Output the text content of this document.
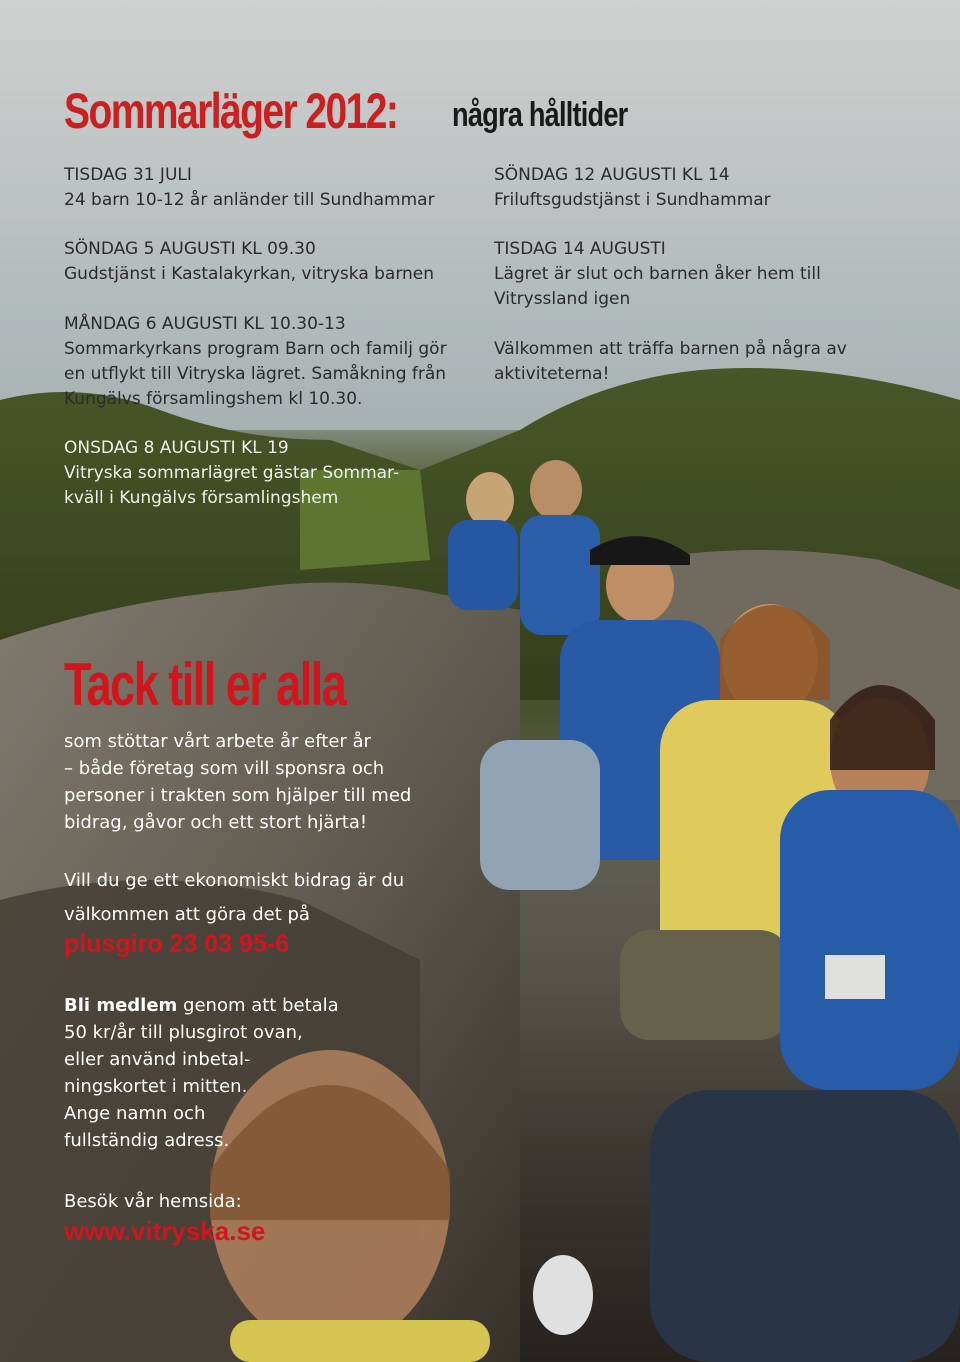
Sommarläger 2012: några hålltider
TISDAG 31 JULI
24 barn 10-12 år anländer till Sundhammar
SÖNDAG 5 AUGUSTI KL 09.30
Gudstjänst i Kastalakyrkan, vitryska barnen
MÅNDAG 6 AUGUSTI KL 10.30-13
Sommarkyrkans program Barn och familj gör
en utflykt till Vitryska lägret. Samåkning från
Kungälvs församlingshem kl 10.30.
ONSDAG 8 AUGUSTI KL 19
Vitryska sommarlägret gästar Sommar-
kväll i Kungälvs församlingshem
SÖNDAG 12 AUGUSTI KL 14
Friluftsgudstjänst i Sundhammar
TISDAG 14 AUGUSTI
Lägret är slut och barnen åker hem till
Vitryssland igen
Välkommen att träffa barnen på några av
aktiviteterna!
Tack till er alla
som stöttar vårt arbete år efter år
– både företag som vill sponsra och
personer i trakten som hjälper till med
bidrag, gåvor och ett stort hjärta!
Vill du ge ett ekonomiskt bidrag är du
välkommen att göra det på
plusgiro 23 03 95-6
Bli medlem genom att betala
50 kr/år till plusgirot ovan,
eller använd inbetal-
ningskortet i mitten.
Ange namn och
fullständig adress.
Besök vår hemsida:
www.vitryska.se
